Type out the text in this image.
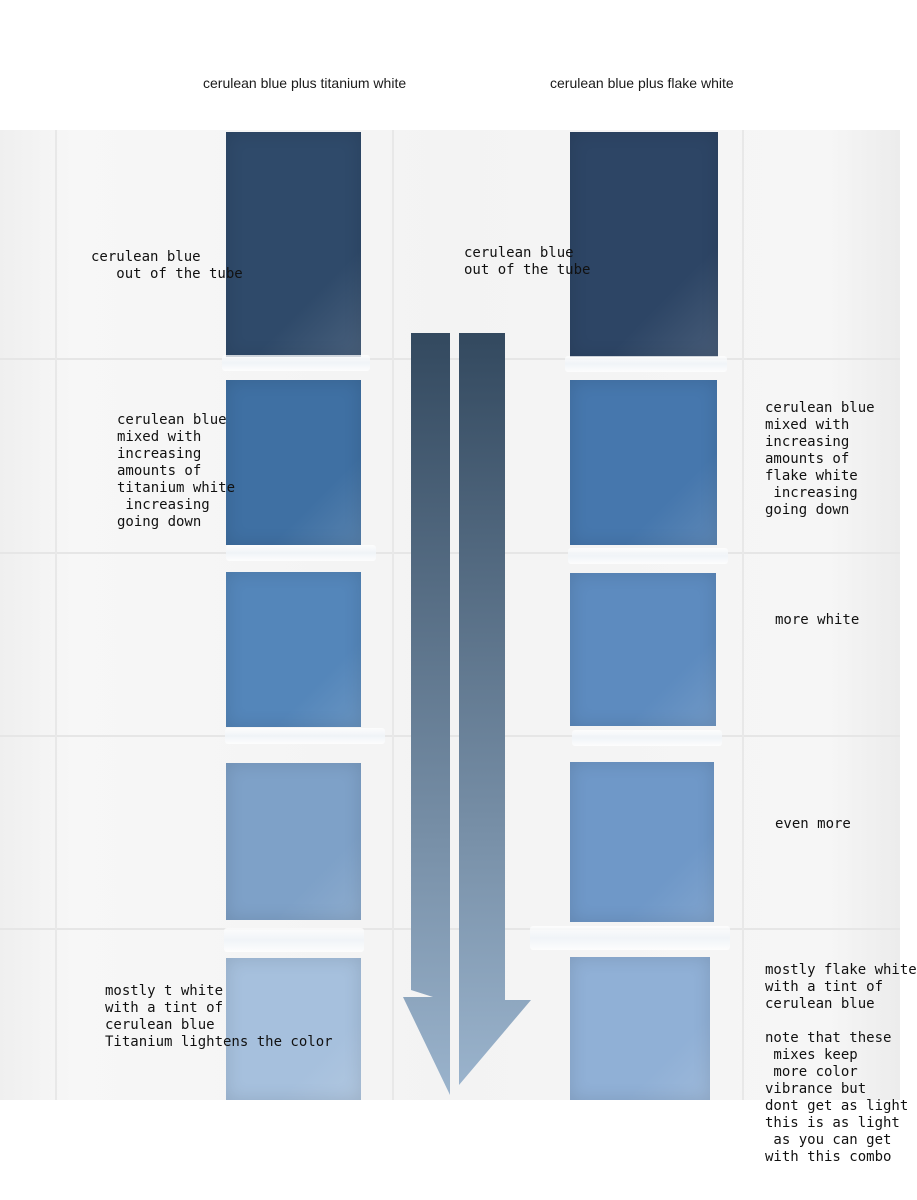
cerulean blue plus titanium white	cerulean blue plus flake white
cerulean blue
out of the tube
cerulean blue
out of the tube
cerulean blue
mixed with
increasing
amounts of
titanium white
increasing
going down
cerulean blue
mixed with
increasing
amounts of
flake white
increasing
going down
more white
even more
mostly t white
with a tint of
cerulean blue
Titanium lightens the color
mostly flake white
with a tint of
cerulean blue

note that these
mixes keep
more color
vibrance but
dont get as light
this is as light
as you can get
with this combo
